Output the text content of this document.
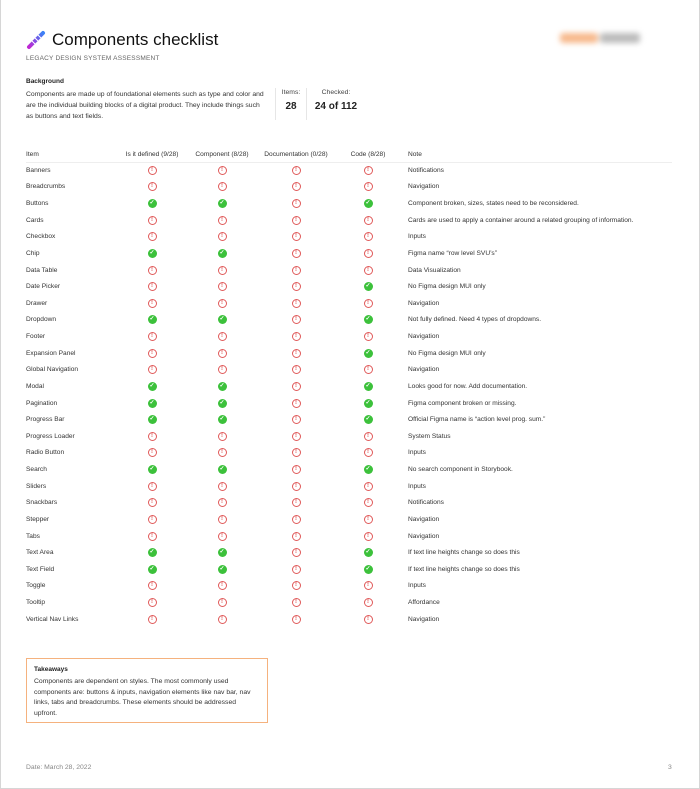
Components checklist
LEGACY DESIGN SYSTEM ASSESSMENT
Background
Components are made up of foundational elements such as type and color and are the individual building blocks of a digital product. They include things such as buttons and text fields.
Items:
28
Checked:
24 of 112
Item	Is it defined (9/28)	Component (8/28)	Documentation (0/28)	Code (8/28)	Note
Banners	!	!	!	!	Notifications
Breadcrumbs	!	!	!	!	Navigation
Buttons	✓	✓	!	✓	Component broken, sizes, states need to be reconsidered.
Cards	!	!	!	!	Cards are used to apply a container around a related grouping of information.
Checkbox	!	!	!	!	Inputs
Chip	✓	✓	!	!	Figma name “row level SVU’s”
Data Table	!	!	!	!	Data Visualization
Date Picker	!	!	!	✓	No Figma design MUI only
Drawer	!	!	!	!	Navigation
Dropdown	✓	✓	!	✓	Not fully defined. Need 4 types of dropdowns.
Footer	!	!	!	!	Navigation
Expansion Panel	!	!	!	✓	No Figma design MUI only
Global Navigation	!	!	!	!	Navigation
Modal	✓	✓	!	✓	Looks good for now. Add documentation.
Pagination	✓	✓	!	✓	Figma component broken or missing.
Progress Bar	✓	✓	!	✓	Official Figma name is “action level prog. sum.”
Progress Loader	!	!	!	!	System Status
Radio Button	!	!	!	!	Inputs
Search	✓	✓	!	✓	No search component in Storybook.
Sliders	!	!	!	!	Inputs
Snackbars	!	!	!	!	Notifications
Stepper	!	!	!	!	Navigation
Tabs	!	!	!	!	Navigation
Text Area	✓	✓	!	✓	If text line heights change so does this
Text Field	✓	✓	!	✓	If text line heights change so does this
Toggle	!	!	!	!	Inputs
Tooltip	!	!	!	!	Affordance
Vertical Nav Links	!	!	!	!	Navigation
Takeaways
Components are dependent on styles. The most commonly used components are: buttons & inputs, navigation elements like nav bar, nav links, tabs and breadcrumbs. These elements should be addressed upfront.
Date: March 28, 2022	3
